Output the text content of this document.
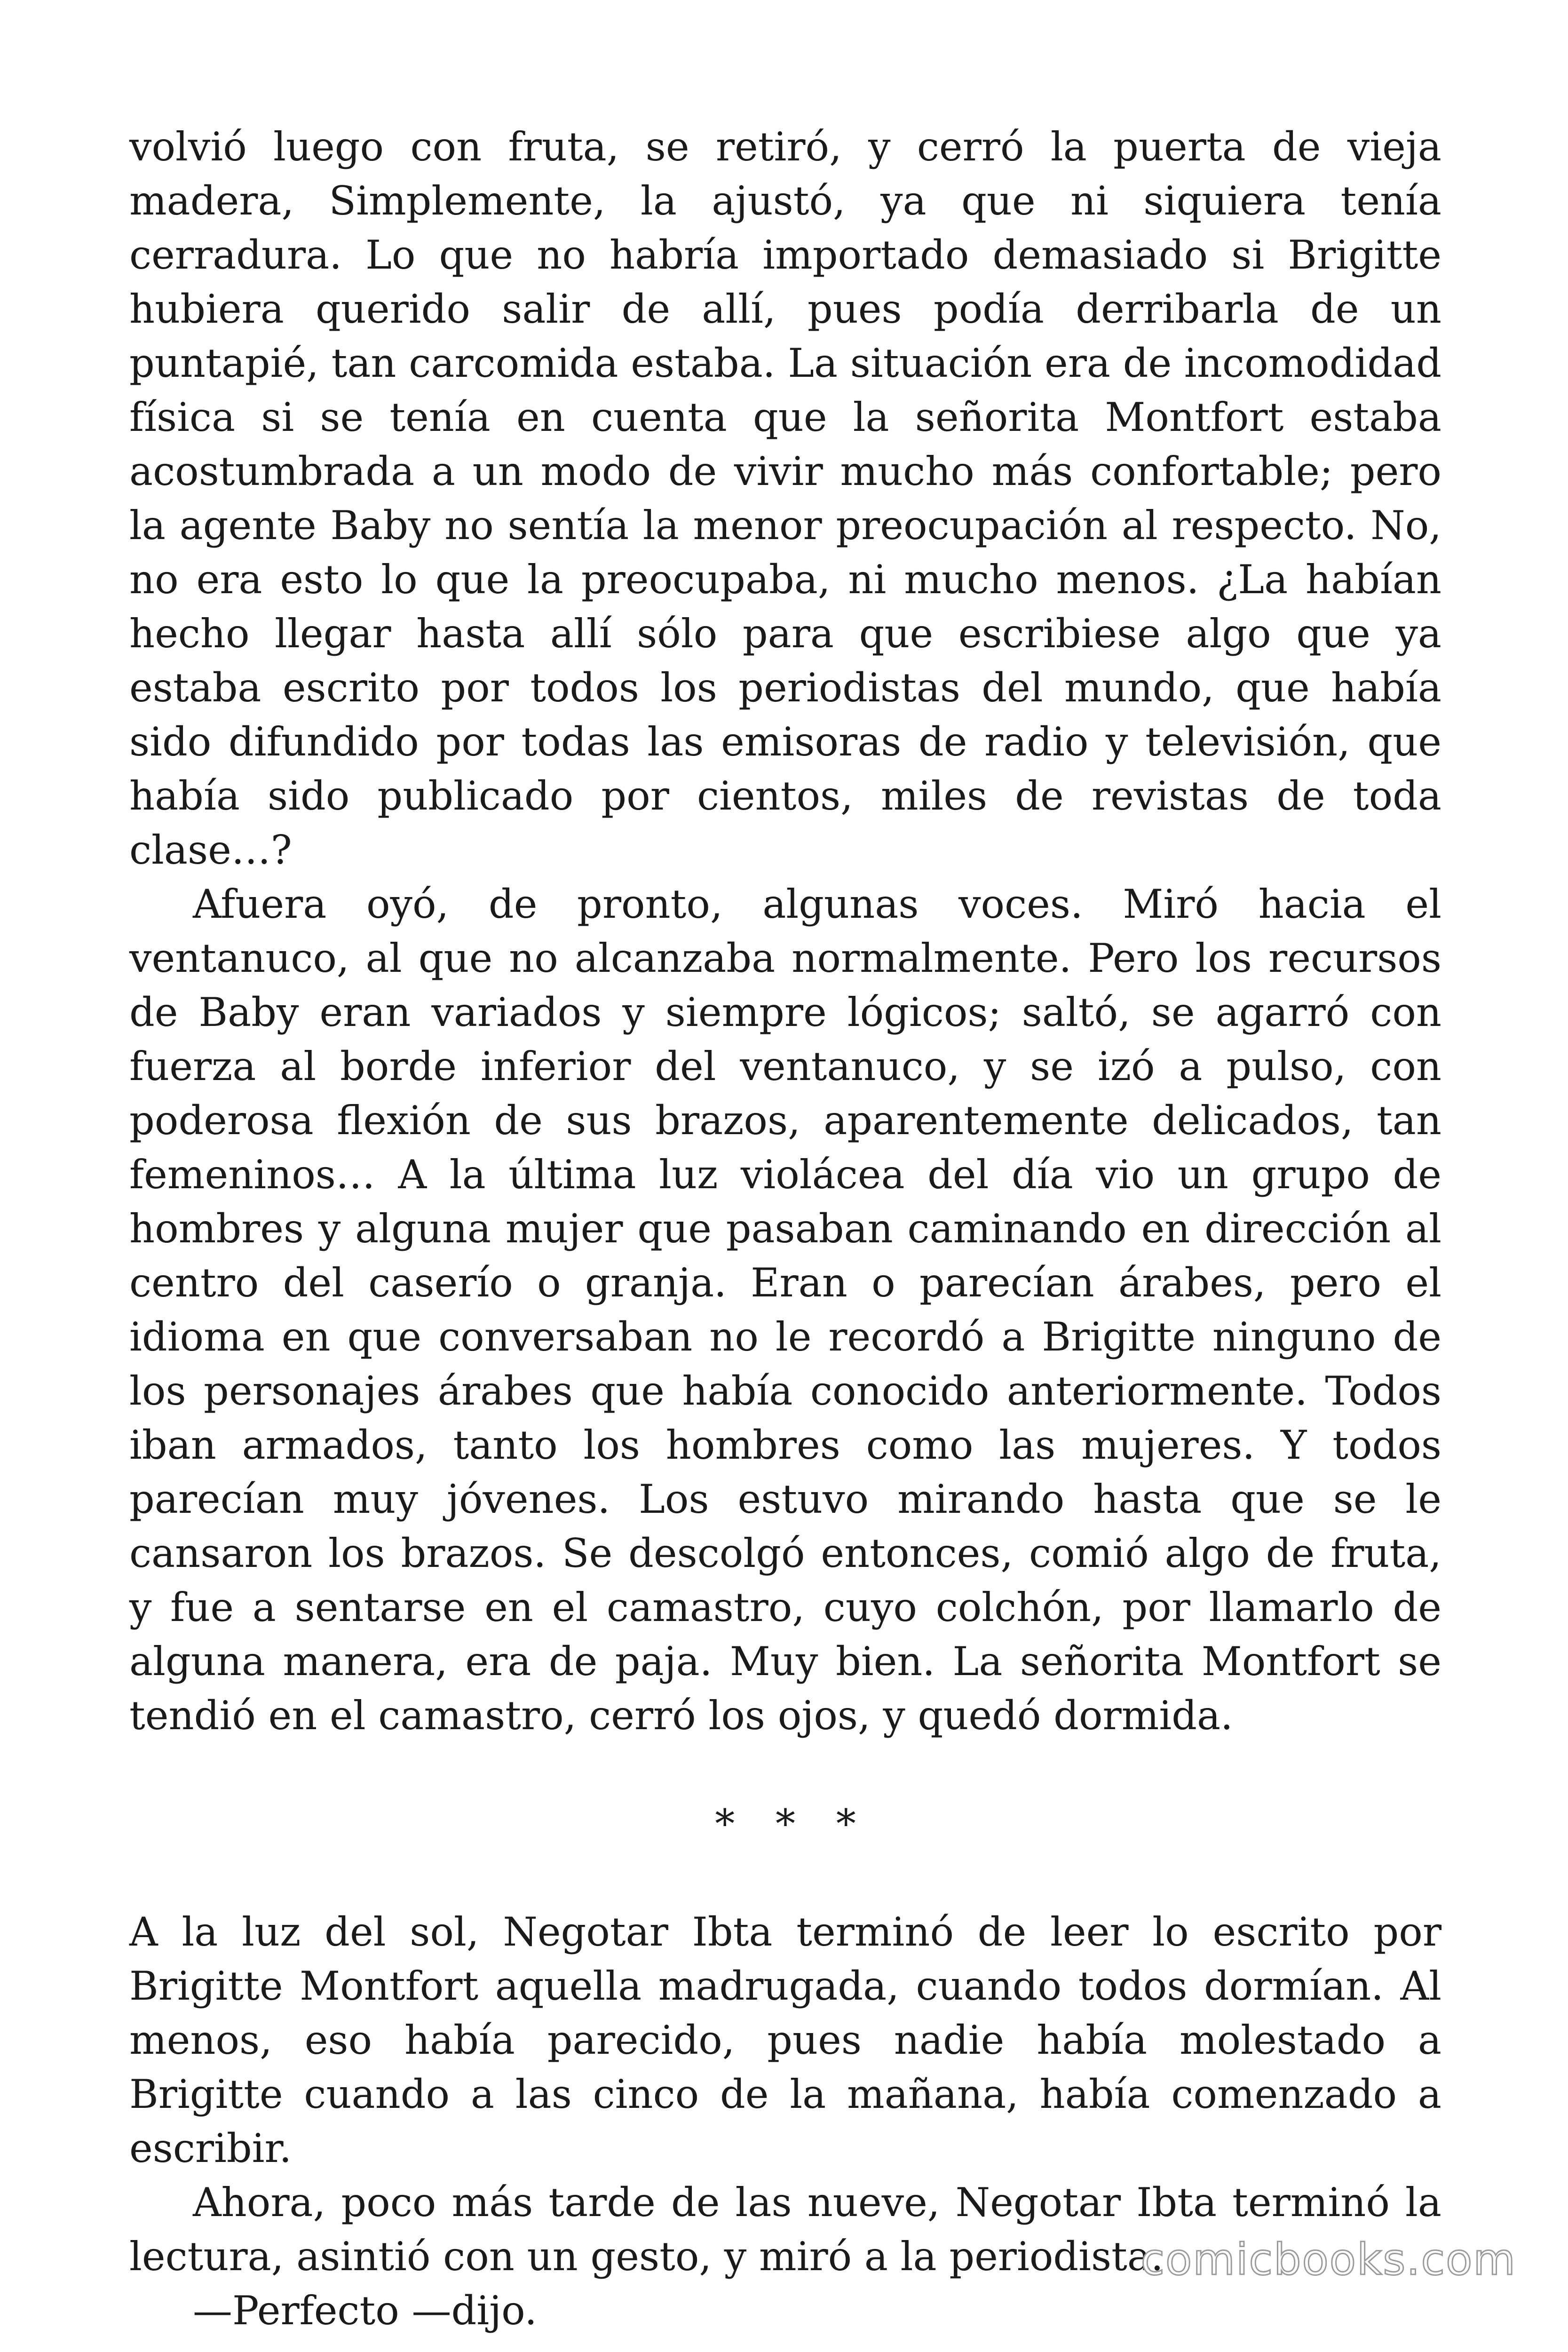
volvió luego con fruta, se retiró, y cerró la puerta de vieja madera, Simplemente, la ajustó, ya que ni siquiera tenía cerradura. Lo que no habría importado demasiado si Brigitte hubiera querido salir de allí, pues podía derribarla de un puntapié, tan carcomida estaba. La situación era de incomodidad física si se tenía en cuenta que la señorita Montfort estaba acostumbrada a un modo de vivir mucho más confortable; pero la agente Baby no sentía la menor preocupación al respecto. No, no era esto lo que la preocupaba, ni mucho menos. ¿La habían hecho llegar hasta allí sólo para que escribiese algo que ya estaba escrito por todos los periodistas del mundo, que había sido difundido por todas las emisoras de radio y televisión, que había sido publicado por cientos, miles de revistas de toda clase…?

Afuera oyó, de pronto, algunas voces. Miró hacia el ventanuco, al que no alcanzaba normalmente. Pero los recursos de Baby eran variados y siempre lógicos; saltó, se agarró con fuerza al borde inferior del ventanuco, y se izó a pulso, con poderosa flexión de sus brazos, aparentemente delicados, tan femeninos… A la última luz violácea del día vio un grupo de hombres y alguna mujer que pasaban caminando en dirección al centro del caserío o granja. Eran o parecían árabes, pero el idioma en que conversaban no le recordó a Brigitte ninguno de los personajes árabes que había conocido anteriormente. Todos iban armados, tanto los hombres como las mujeres. Y todos parecían muy jóvenes. Los estuvo mirando hasta que se le cansaron los brazos. Se descolgó entonces, comió algo de fruta, y fue a sentarse en el camastro, cuyo colchón, por llamarlo de alguna manera, era de paja. Muy bien. La señorita Montfort se tendió en el camastro, cerró los ojos, y quedó dormida.

* * *

A la luz del sol, Negotar Ibta terminó de leer lo escrito por Brigitte Montfort aquella madrugada, cuando todos dormían. Al menos, eso había parecido, pues nadie había molestado a Brigitte cuando a las cinco de la mañana, había comenzado a escribir.

Ahora, poco más tarde de las nueve, Negotar Ibta terminó la lectura, asintió con un gesto, y miró a la periodista.

—Perfecto —dijo.

comicbooks.com
